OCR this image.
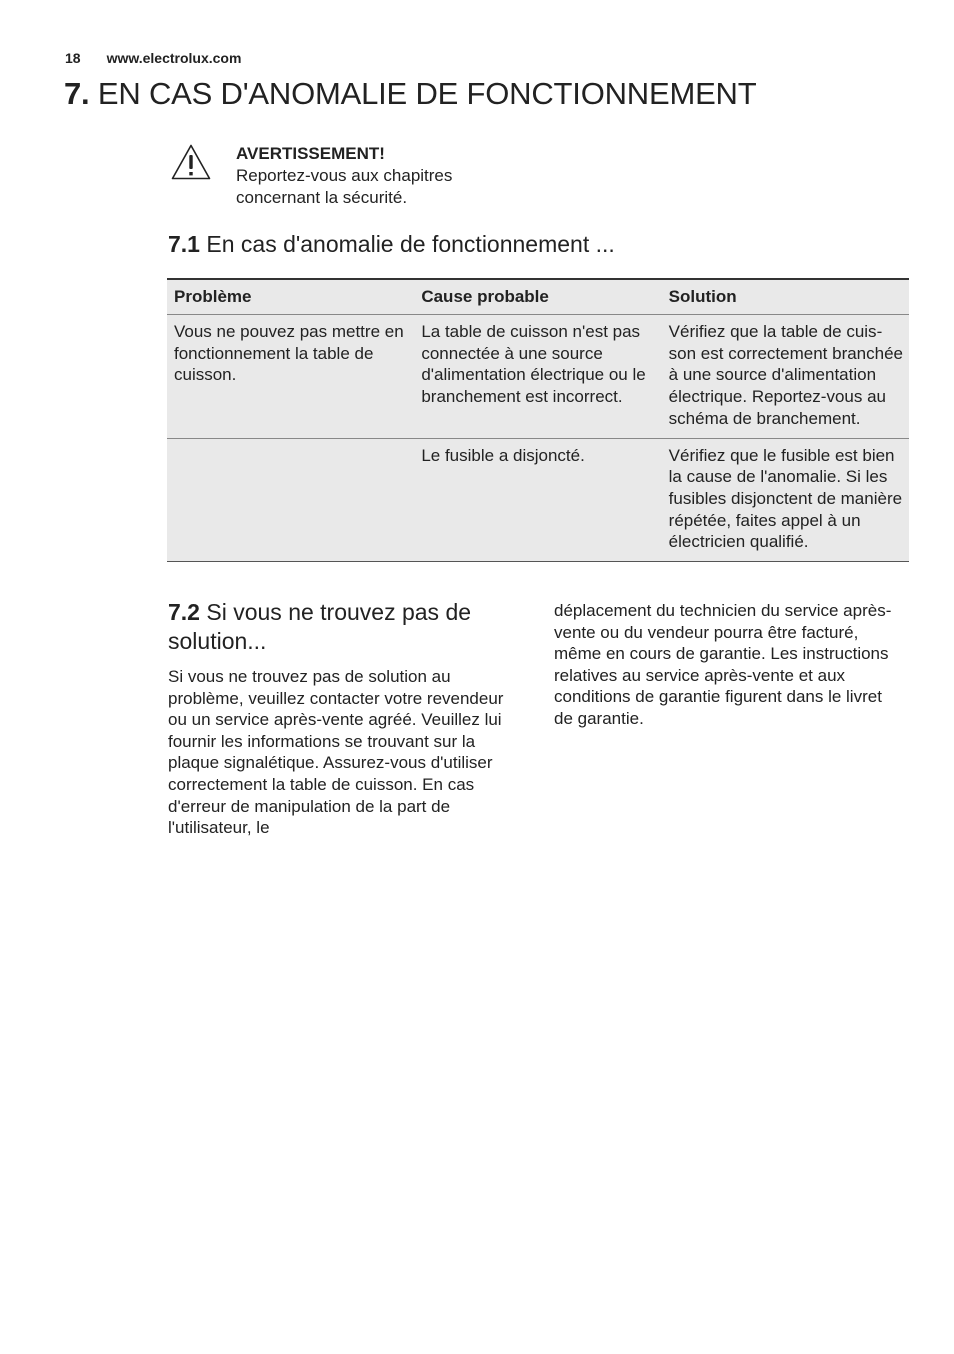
18 www.electrolux.com
7. EN CAS D'ANOMALIE DE FONCTIONNEMENT
AVERTISSEMENT!
Reportez-vous aux chapitres
concernant la sécurité.
7.1 En cas d'anomalie de fonctionnement ...
Problème	Cause probable	Solution
Vous ne pouvez pas mettre en fonctionnement la table de cuisson.	La table de cuisson n'est pas connectée à une source d'alimentation électrique ou le branchement est incorrect.	Vérifiez que la table de cuisson est correctement branchée à une source d'alimentation électrique. Reportez-vous au schéma de branchement.
	Le fusible a disjoncté.	Vérifiez que le fusible est bien la cause de l'anomalie. Si les fusibles disjonctent de manière répétée, faites appel à un électricien qualifié.
7.2 Si vous ne trouvez pas de solution...
Si vous ne trouvez pas de solution au problème, veuillez contacter votre revendeur ou un service après-vente agréé. Veuillez lui fournir les informations se trouvant sur la plaque signalétique. Assurez-vous d'utiliser correctement la table de cuisson. En cas d'erreur de manipulation de la part de l'utilisateur, le
déplacement du technicien du service après-vente ou du vendeur pourra être facturé, même en cours de garantie. Les instructions relatives au service après-vente et aux conditions de garantie figurent dans le livret de garantie.
